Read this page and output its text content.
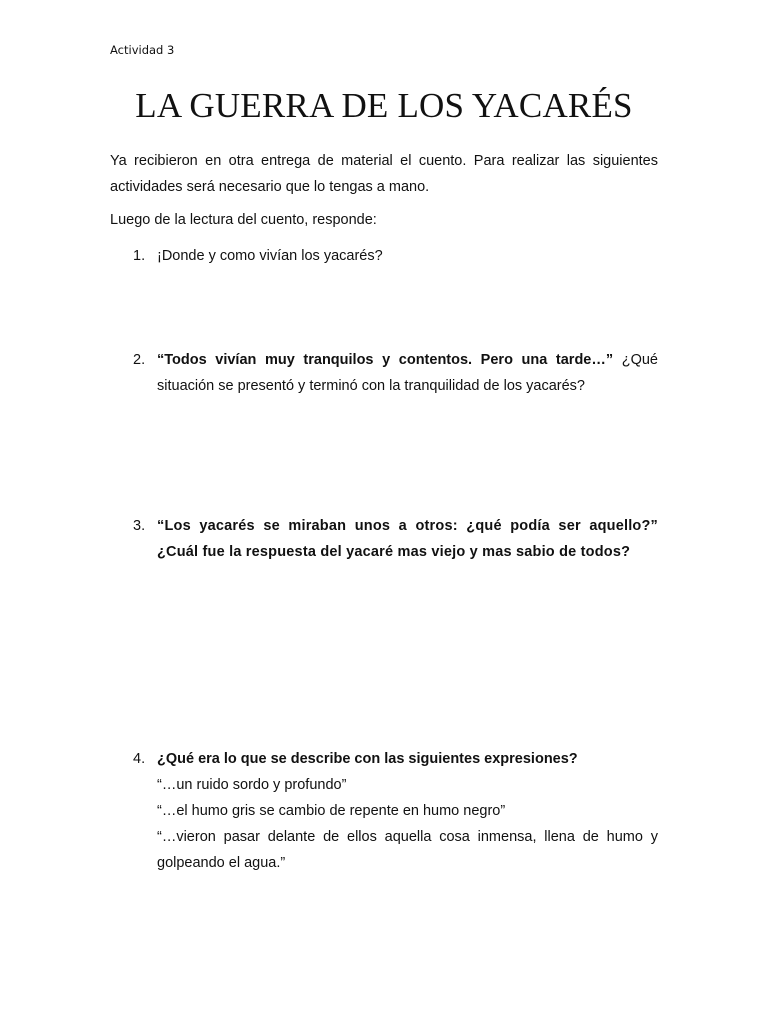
Actividad 3
LA GUERRA DE LOS YACARÉS

Ya recibieron en otra entrega de material el cuento. Para realizar las siguientes actividades será necesario que lo tengas a mano.

Luego de la lectura del cuento, responde:

1. ¡Donde y como vivían los yacarés?
2. “Todos vivían muy tranquilos y contentos. Pero una tarde…” ¿Qué situación se presentó y terminó con la tranquilidad de los yacarés?
3. “Los yacarés se miraban unos a otros: ¿qué podía ser aquello?” ¿Cuál fue la respuesta del yacaré mas viejo y mas sabio de todos?
4. ¿Qué era lo que se describe con las siguientes expresiones?
“…un ruido sordo y profundo”
“…el humo gris se cambio de repente en humo negro”
“…vieron pasar delante de ellos aquella cosa inmensa, llena de humo y golpeando el agua.”
